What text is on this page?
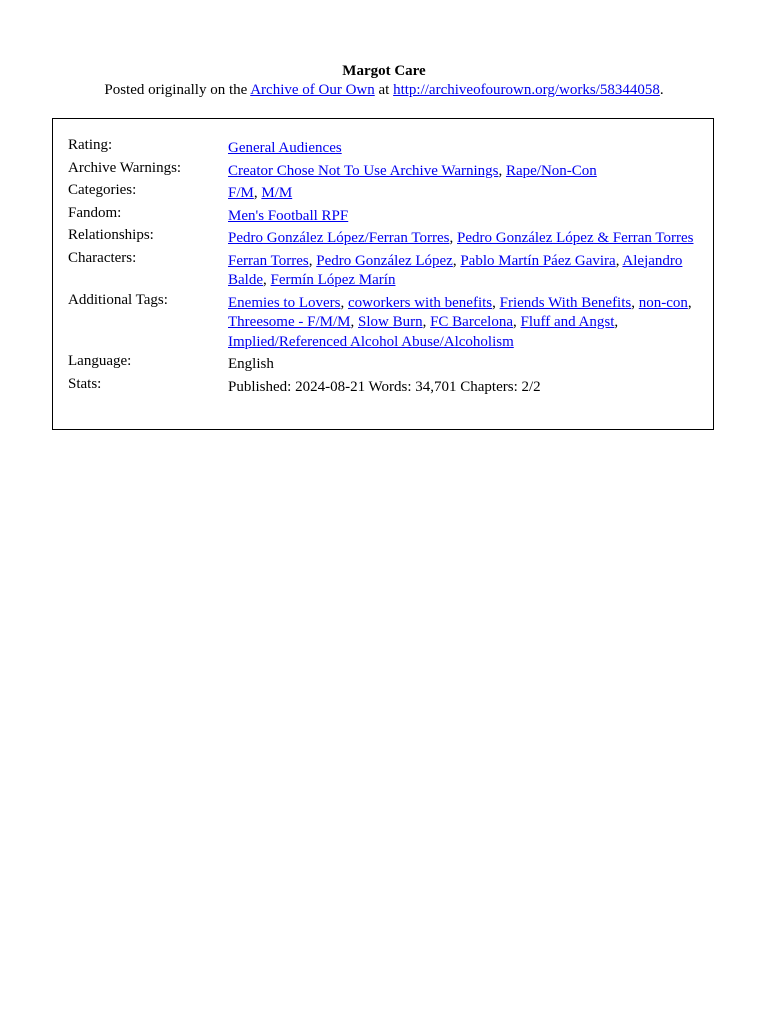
Margot Care
Posted originally on the Archive of Our Own at http://archiveofourown.org/works/58344058.
Rating:	General Audiences
Archive Warnings:	Creator Chose Not To Use Archive Warnings, Rape/Non-Con
Categories:	F/M, M/M
Fandom:	Men's Football RPF
Relationships:	Pedro González López/Ferran Torres, Pedro González López & Ferran Torres
Characters:	Ferran Torres, Pedro González López, Pablo Martín Páez Gavira, Alejandro Balde, Fermín López Marín
Additional Tags:	Enemies to Lovers, coworkers with benefits, Friends With Benefits, non-con, Threesome - F/M/M, Slow Burn, FC Barcelona, Fluff and Angst, Implied/Referenced Alcohol Abuse/Alcoholism
Language:	English
Stats:	Published: 2024-08-21 Words: 34,701 Chapters: 2/2
